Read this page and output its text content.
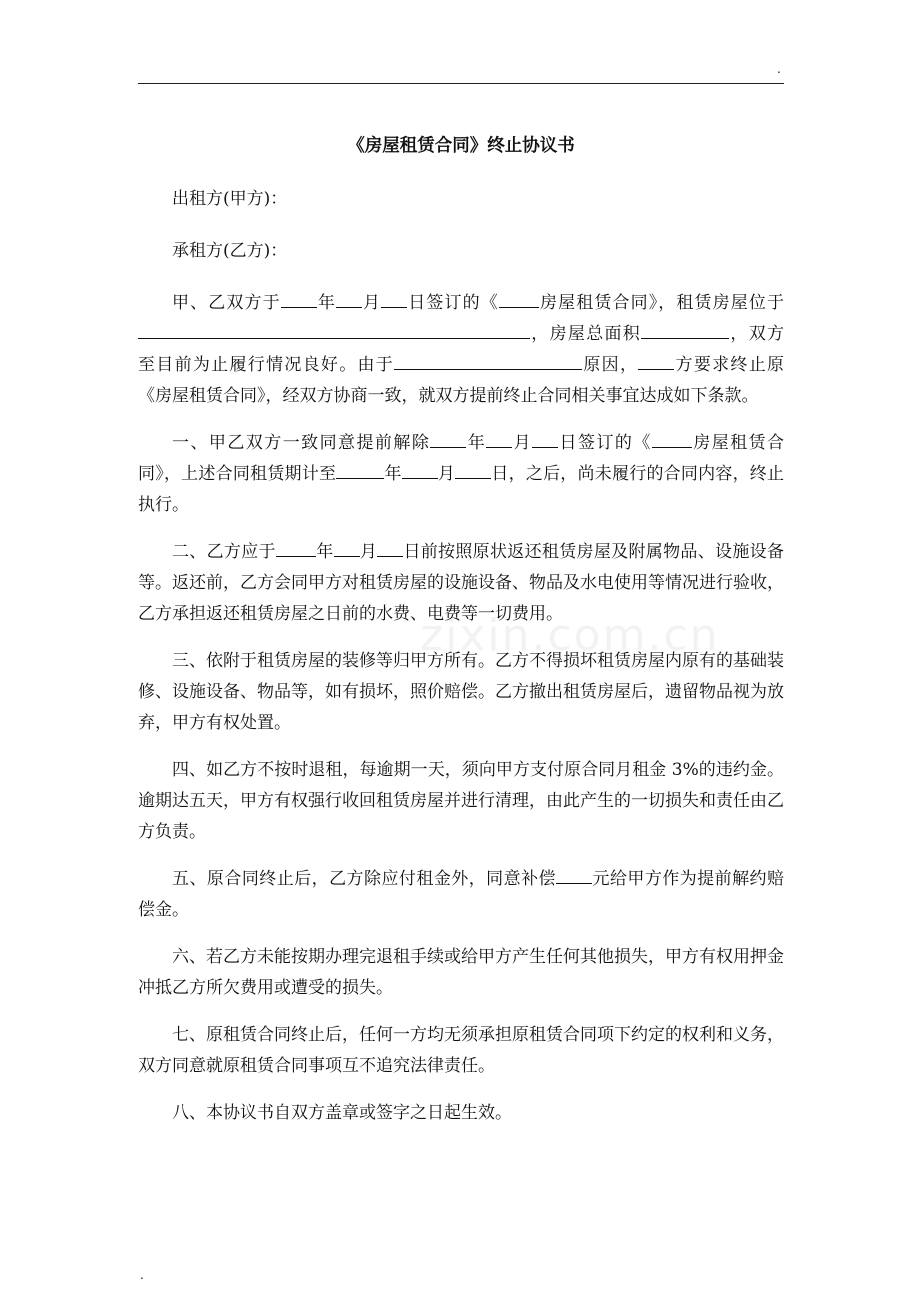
.
zixin.com.cn
《房屋租赁合同》终止协议书

出租方(甲方)：

承租方(乙方)：

甲、乙双方于 年 月 日签订的《 房屋租赁合同》，租赁房屋位于，房屋总面积	，双方至目前为止履行情况良好。由于	原因， 方要求终止原《房屋租赁合同》，经双方协商一致，就双方提前终止合同相关事宜达成如下条款。

一、甲乙双方一致同意提前解除 年 月 日签订的《 房屋租赁合同》，上述合同租赁期计至	年 月 日，之后，尚未履行的合同内容，终止执行。

二、乙方应于 年 月 日前按照原状返还租赁房屋及附属物品、设施设备等。返还前，乙方会同甲方对租赁房屋的设施设备、物品及水电使用等情况进行验收，乙方承担返还租赁房屋之日前的水费、电费等一切费用。

三、依附于租赁房屋的装修等归甲方所有。乙方不得损坏租赁房屋内原有的基础装修、设施设备、物品等，如有损坏，照价赔偿。乙方撤出租赁房屋后，遗留物品视为放弃，甲方有权处置。

四、如乙方不按时退租，每逾期一天，须向甲方支付原合同月租金 3%的违约金。逾期达五天，甲方有权强行收回租赁房屋并进行清理，由此产生的一切损失和责任由乙方负责。

五、原合同终止后，乙方除应付租金外，同意补偿 元给甲方作为提前解约赔偿金。

六、若乙方未能按期办理完退租手续或给甲方产生任何其他损失，甲方有权用押金冲抵乙方所欠费用或遭受的损失。

七、原租赁合同终止后，任何一方均无须承担原租赁合同项下约定的权利和义务，双方同意就原租赁合同事项互不追究法律责任。

八、本协议书自双方盖章或签字之日起生效。

.
